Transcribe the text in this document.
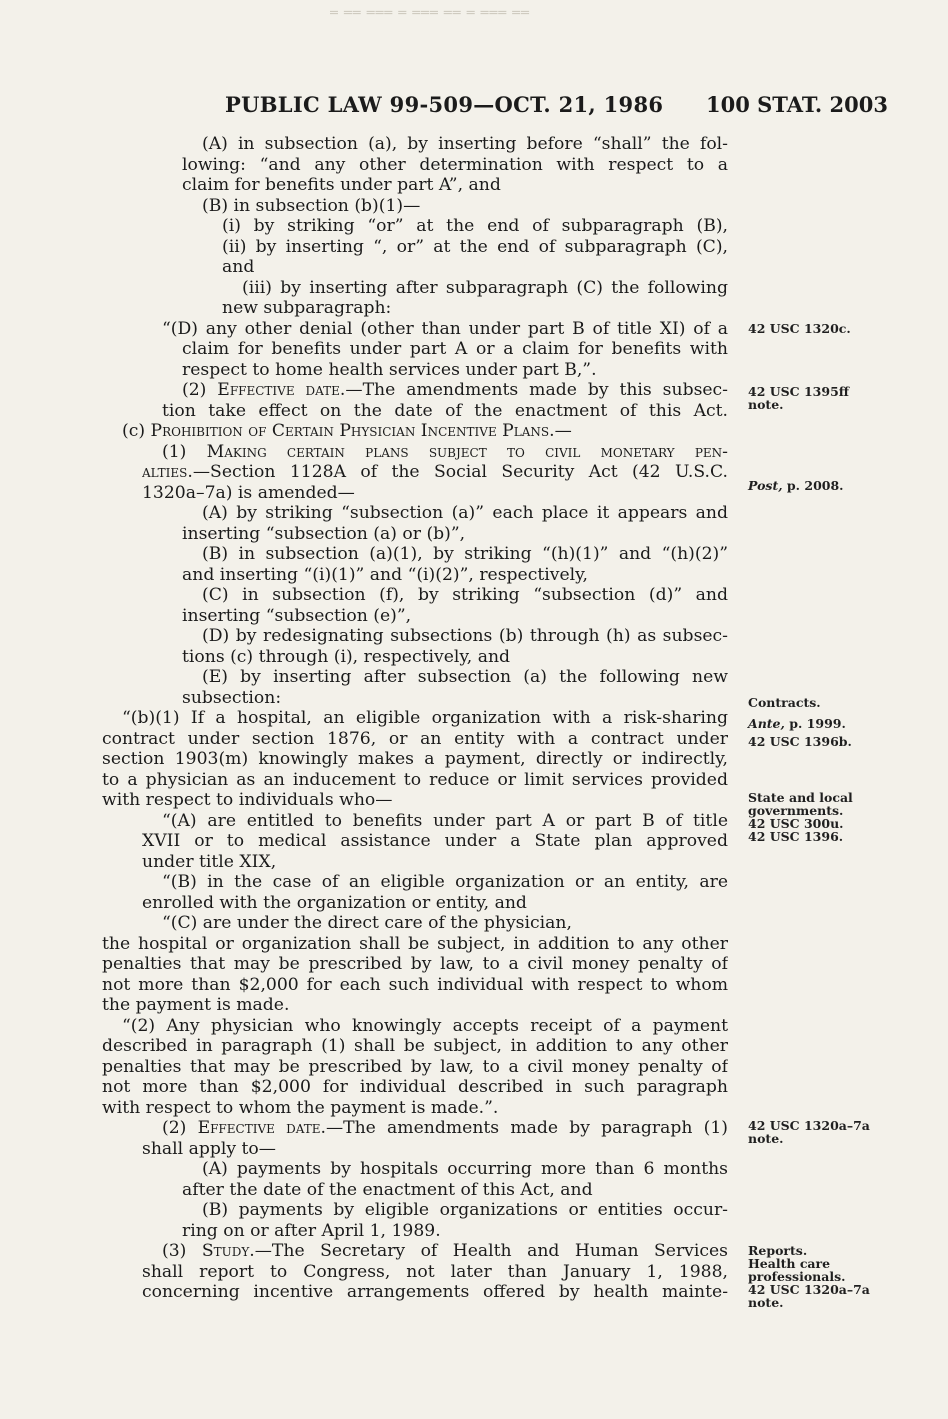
═ ══ ═══ ═ ═══ ══ ═ ═══ ══
PUBLIC LAW 99-509—OCT. 21, 1986 100 STAT. 2003
(A) in subsection (a), by inserting before “shall” the fol-
lowing: “and any other determination with respect to a
claim for benefits under part A”, and
(B) in subsection (b)(1)—
(i) by striking “or” at the end of subparagraph (B),
(ii) by inserting “, or” at the end of subparagraph (C),
and
(iii) by inserting after subparagraph (C) the following
new subparagraph:
“(D) any other denial (other than under part B of title XI) of a
claim for benefits under part A or a claim for benefits with
respect to home health services under part B,”.
(2) Effective date.—The amendments made by this subsec-
tion take effect on the date of the enactment of this Act.
(c) Prohibition of Certain Physician Incentive Plans.—
(1) Making certain plans subject to civil monetary pen-
alties.—Section 1128A of the Social Security Act (42 U.S.C.
1320a–7a) is amended—
(A) by striking “subsection (a)” each place it appears and
inserting “subsection (a) or (b)”,
(B) in subsection (a)(1), by striking “(h)(1)” and “(h)(2)”
and inserting “(i)(1)” and “(i)(2)”, respectively,
(C) in subsection (f), by striking “subsection (d)” and
inserting “subsection (e)”,
(D) by redesignating subsections (b) through (h) as subsec-
tions (c) through (i), respectively, and
(E) by inserting after subsection (a) the following new
subsection:
“(b)(1) If a hospital, an eligible organization with a risk-sharing
contract under section 1876, or an entity with a contract under
section 1903(m) knowingly makes a payment, directly or indirectly,
to a physician as an inducement to reduce or limit services provided
with respect to individuals who—
“(A) are entitled to benefits under part A or part B of title
XVII or to medical assistance under a State plan approved
under title XIX,
“(B) in the case of an eligible organization or an entity, are
enrolled with the organization or entity, and
“(C) are under the direct care of the physician,
the hospital or organization shall be subject, in addition to any other
penalties that may be prescribed by law, to a civil money penalty of
not more than $2,000 for each such individual with respect to whom
the payment is made.
“(2) Any physician who knowingly accepts receipt of a payment
described in paragraph (1) shall be subject, in addition to any other
penalties that may be prescribed by law, to a civil money penalty of
not more than $2,000 for individual described in such paragraph
with respect to whom the payment is made.”.
(2) Effective date.—The amendments made by paragraph (1)
shall apply to—
(A) payments by hospitals occurring more than 6 months
after the date of the enactment of this Act, and
(B) payments by eligible organizations or entities occur-
ring on or after April 1, 1989.
(3) Study.—The Secretary of Health and Human Services
shall report to Congress, not later than January 1, 1988,
concerning incentive arrangements offered by health mainte-
42 USC 1320c.
42 USC 1395ff
note.
Post, p. 2008.
Contracts.
Ante, p. 1999.
42 USC 1396b.
State and local
governments.
42 USC 300u.
42 USC 1396.
42 USC 1320a–7a
note.
Reports.
Health care
professionals.
42 USC 1320a–7a
note.
